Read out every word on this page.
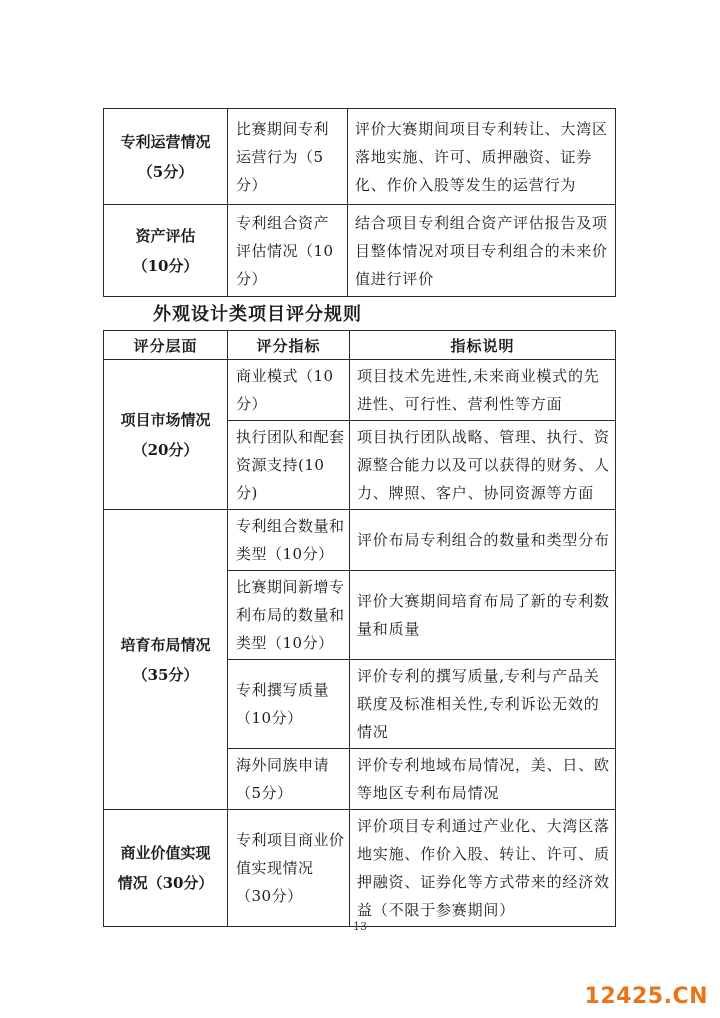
专利运营情况
（5分）	比赛期间专利运营行为（5分）	评价大赛期间项目专利转让、大湾区落地实施、许可、质押融资、证券化、作价入股等发生的运营行为

资产评估
（10分）	专利组合资产评估情况（10分）	结合项目专利组合资产评估报告及项目整体情况对项目专利组合的未来价值进行评价
外观设计类项目评分规则
评分层面	评分指标	指标说明

项目市场情况
（20分）	商业模式（10分）	项目技术先进性,未来商业模式的先进性、可行性、营利性等方面
	执行团队和配套资源支持(10分)	项目执行团队战略、管理、执行、资源整合能力以及可以获得的财务、人力、牌照、客户、协同资源等方面

培育布局情况
（35分）	专利组合数量和类型（10分）	评价布局专利组合的数量和类型分布
	比赛期间新增专利布局的数量和类型（10分）	评价大赛期间培育布局了新的专利数量和质量
	专利撰写质量（10分）	评价专利的撰写质量,专利与产品关联度及标准相关性,专利诉讼无效的情况
	海外同族申请（5分）	评价专利地域布局情况，美、日、欧等地区专利布局情况

商业价值实现
情况（30分）	专利项目商业价值实现情况（30分）	评价项目专利通过产业化、大湾区落地实施、作价入股、转让、许可、质押融资、证券化等方式带来的经济效益（不限于参赛期间）
13
12425.CN
